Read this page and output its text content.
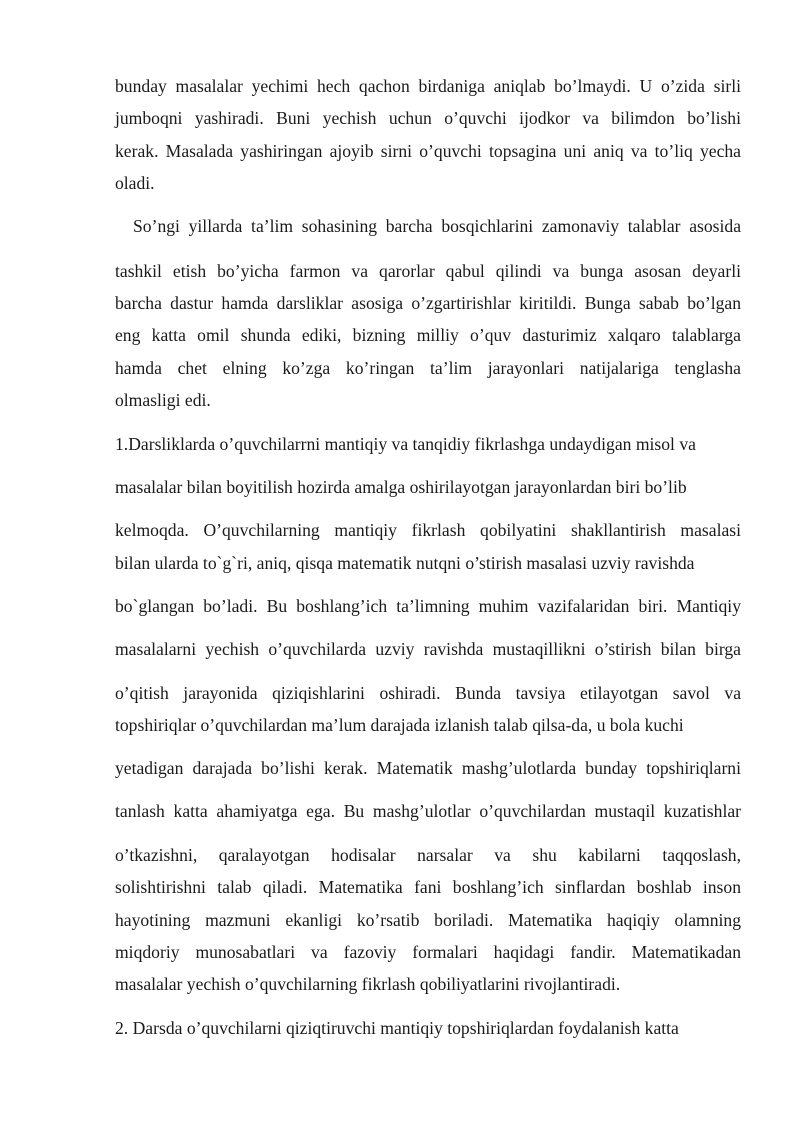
bunday masalalar yechimi hech qachon birdaniga aniqlab bo’lmaydi. U o’zida sirli
jumboqni yashiradi. Buni yechish uchun o’quvchi ijodkor va bilimdon bo’lishi
kerak. Masalada yashiringan ajoyib sirni o’quvchi topsagina uni aniq va to’liq yecha
oladi.
So’ngi yillarda ta’lim sohasining barcha bosqichlarini zamonaviy talablar asosida
tashkil etish bo’yicha farmon va qarorlar qabul qilindi va bunga asosan deyarli
barcha dastur hamda darsliklar asosiga o’zgartirishlar kiritildi. Bunga sabab bo’lgan
eng katta omil shunda ediki, bizning milliy o’quv dasturimiz xalqaro talablarga
hamda chet elning ko’zga ko’ringan ta’lim jarayonlari natijalariga tenglasha
olmasligi edi.
1.Darsliklarda o’quvchilarrni mantiqiy va tanqidiy fikrlashga undaydigan misol va
masalalar bilan boyitilish hozirda amalga oshirilayotgan jarayonlardan biri bo’lib
kelmoqda. O’quvchilarning mantiqiy fikrlash qobilyatini shakllantirish masalasi
bilan ularda to`g`ri, aniq, qisqa matematik nutqni o’stirish masalasi uzviy ravishda
bo`glangan bo’ladi. Bu boshlang’ich ta’limning muhim vazifalaridan biri. Mantiqiy
masalalarni yechish o’quvchilarda uzviy ravishda mustaqillikni o’stirish bilan birga
o’qitish jarayonida qiziqishlarini oshiradi. Bunda tavsiya etilayotgan savol va
topshiriqlar o’quvchilardan ma’lum darajada izlanish talab qilsa-da, u bola kuchi
yetadigan darajada bo’lishi kerak. Matematik mashg’ulotlarda bunday topshiriqlarni
tanlash katta ahamiyatga ega. Bu mashg’ulotlar o’quvchilardan mustaqil kuzatishlar
o’tkazishni, qaralayotgan hodisalar narsalar va shu kabilarni taqqoslash,
solishtirishni talab qiladi. Matematika fani boshlang’ich sinflardan boshlab inson
hayotining mazmuni ekanligi ko’rsatib boriladi. Matematika haqiqiy olamning
miqdoriy munosabatlari va fazoviy formalari haqidagi fandir. Matematikadan
masalalar yechish o’quvchilarning fikrlash qobiliyatlarini rivojlantiradi.
2. Darsda o’quvchilarni qiziqtiruvchi mantiqiy topshiriqlardan foydalanish katta
